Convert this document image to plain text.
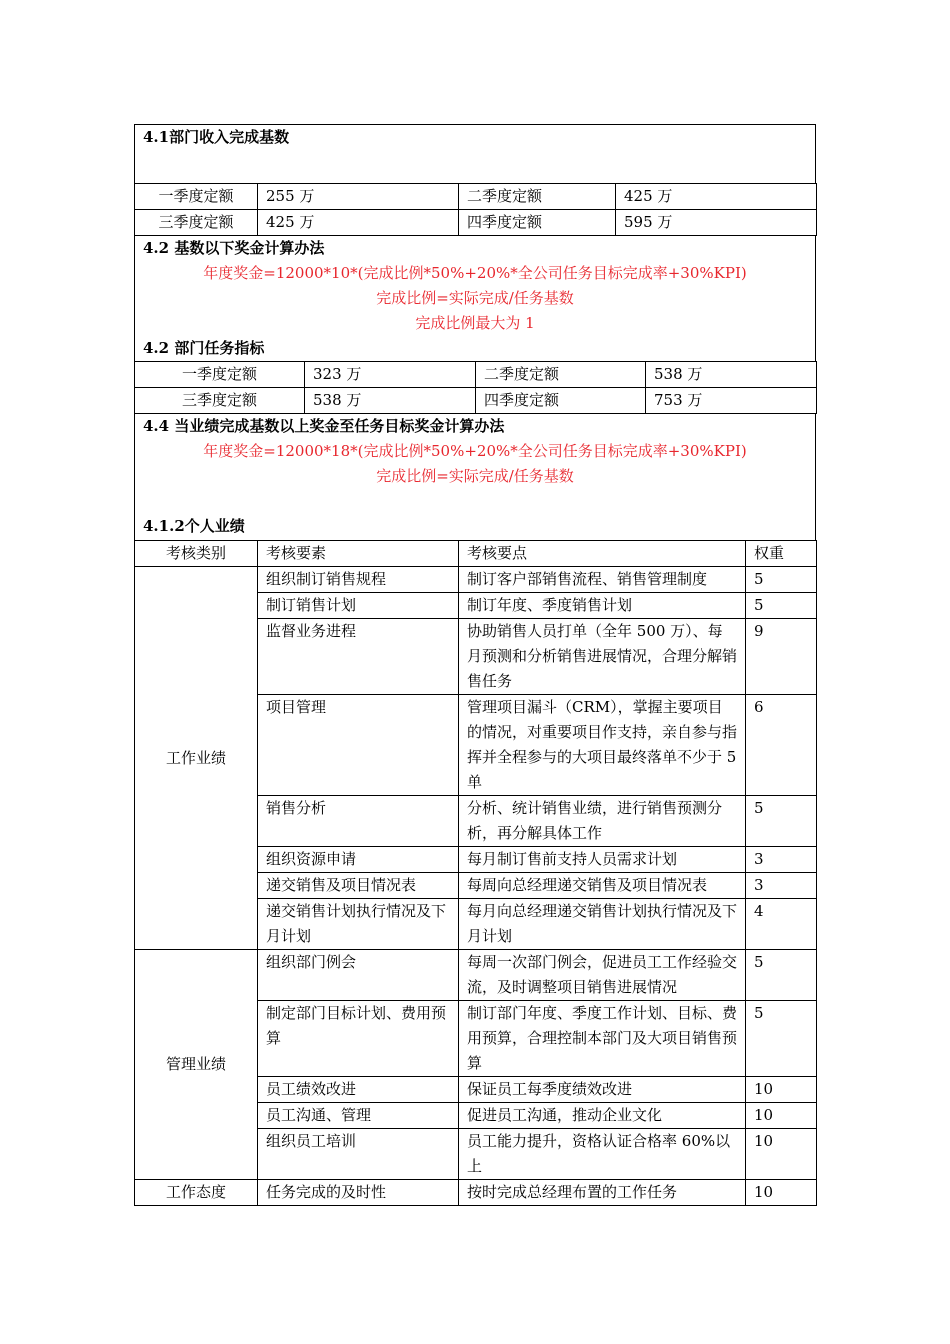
4.1部门收入完成基数
一季度定额	255 万	二季度定额	425 万
三季度定额	425 万	四季度定额	595 万
4.2 基数以下奖金计算办法
年度奖金=12000*10*(完成比例*50%+20%*全公司任务目标完成率+30%KPI)
完成比例=实际完成/任务基数
完成比例最大为 1
4.2 部门任务指标
一季度定额	323 万	二季度定额	538 万
三季度定额	538 万	四季度定额	753 万
4.4 当业绩完成基数以上奖金至任务目标奖金计算办法
年度奖金=12000*18*(完成比例*50%+20%*全公司任务目标完成率+30%KPI)
完成比例=实际完成/任务基数
4.1.2个人业绩
考核类别	考核要素	考核要点	权重
工作业绩	组织制订销售规程	制订客户部销售流程、销售管理制度	5
	制订销售计划	制订年度、季度销售计划	5
	监督业务进程	协助销售人员打单（全年 500 万）、每月预测和分析销售进展情况，合理分解销售任务	9
	项目管理	管理项目漏斗（CRM），掌握主要项目的情况，对重要项目作支持，亲自参与指挥并全程参与的大项目最终落单不少于 5 单	6
	销售分析	分析、统计销售业绩，进行销售预测分析，再分解具体工作	5
	组织资源申请	每月制订售前支持人员需求计划	3
	递交销售及项目情况表	每周向总经理递交销售及项目情况表	3
	递交销售计划执行情况及下月计划	每月向总经理递交销售计划执行情况及下月计划	4
管理业绩	组织部门例会	每周一次部门例会，促进员工工作经验交流，及时调整项目销售进展情况	5
	制定部门目标计划、费用预算	制订部门年度、季度工作计划、目标、费用预算，合理控制本部门及大项目销售预算	5
	员工绩效改进	保证员工每季度绩效改进	10
	员工沟通、管理	促进员工沟通，推动企业文化	10
	组织员工培训	员工能力提升，资格认证合格率 60%以上	10
工作态度	任务完成的及时性	按时完成总经理布置的工作任务	10
